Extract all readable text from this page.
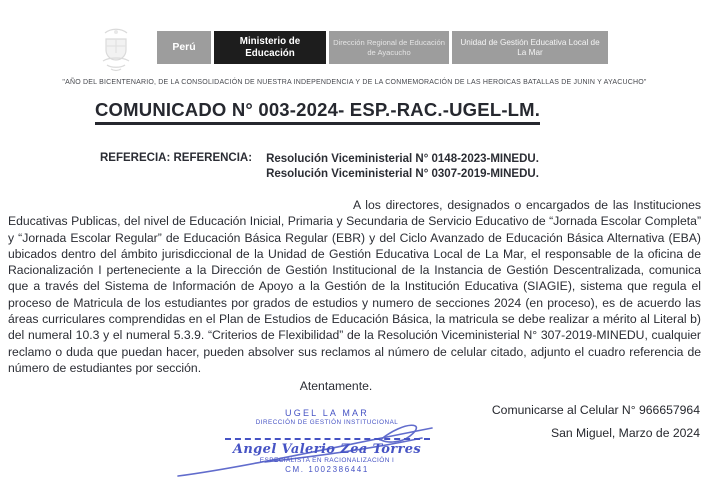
Perú	Ministerio de Educación
Dirección Regional de Educación de Ayacucho
Unidad de Gestión Educativa Local de La Mar
"AÑO DEL BICENTENARIO, DE LA CONSOLIDACIÓN DE NUESTRA INDEPENDENCIA Y DE LA CONMEMORACIÓN DE LAS HEROICAS BATALLAS DE JUNIN Y AYACUCHO"
COMUNICADO N° 003-2024- ESP.-RAC.-UGEL-LM.
REFERECIA: REFERENCIA: Resolución Viceministerial N° 0148-2023-MINEDU.
Resolución Viceministerial N° 0307-2019-MINEDU.
A los directores, designados o encargados de las Instituciones Educativas Publicas, del nivel de Educación Inicial, Primaria y Secundaria de Servicio Educativo de “Jornada Escolar Completa” y “Jornada Escolar Regular” de Educación Básica Regular (EBR) y del Ciclo Avanzado de Educación Básica Alternativa (EBA) ubicados dentro del ámbito jurisdiccional de la Unidad de Gestión Educativa Local de La Mar, el responsable de la oficina de Racionalización I perteneciente a la Dirección de Gestión Institucional de la Instancia de Gestión Descentralizada, comunica que a través del Sistema de Información de Apoyo a la Gestión de la Institución Educativa (SIAGIE), sistema que regula el proceso de Matricula de los estudiantes por grados de estudios y numero de secciones 2024 (en proceso), es de acuerdo las áreas curriculares comprendidas en el Plan de Estudios de Educación Básica, la matricula se debe realizar a mérito al Literal b) del numeral 10.3 y el numeral 5.3.9. “Criterios de Flexibilidad” de la Resolución Viceministerial N° 307-2019-MINEDU, cualquier reclamo o duda que puedan hacer, pueden absolver sus reclamos al número de celular citado, adjunto el cuadro referencia de número de estudiantes por sección.
Atentamente.
UGEL LA MAR
DIRECCIÓN DE GESTIÓN INSTITUCIONAL
Angel Valerio Zea Torres
ESPECIALISTA EN RACIONALIZACIÓN I
CM. 1002386441
Comunicarse al Celular N° 966657964
San Miguel, Marzo de 2024
